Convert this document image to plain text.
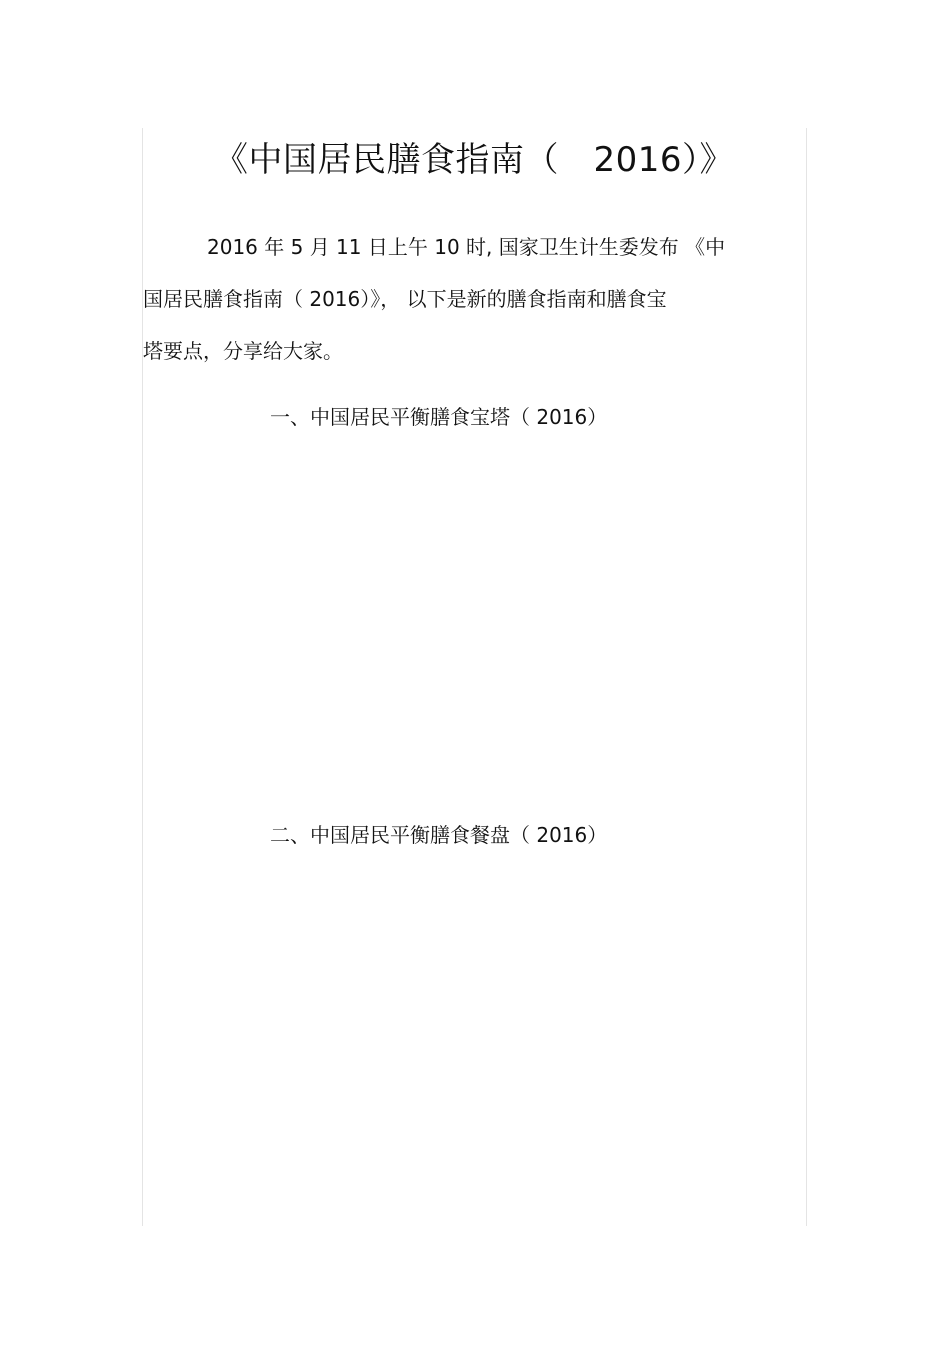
《中国居民膳食指南（　2016）》
2016 年 5 月 11 日上午 10 时, 国家卫生计生委发布 《中
国居民膳食指南（ 2016）》， 以下是新的膳食指南和膳食宝
塔要点，分享给大家。
一、中国居民平衡膳食宝塔（ 2016）
二、中国居民平衡膳食餐盘（ 2016）
